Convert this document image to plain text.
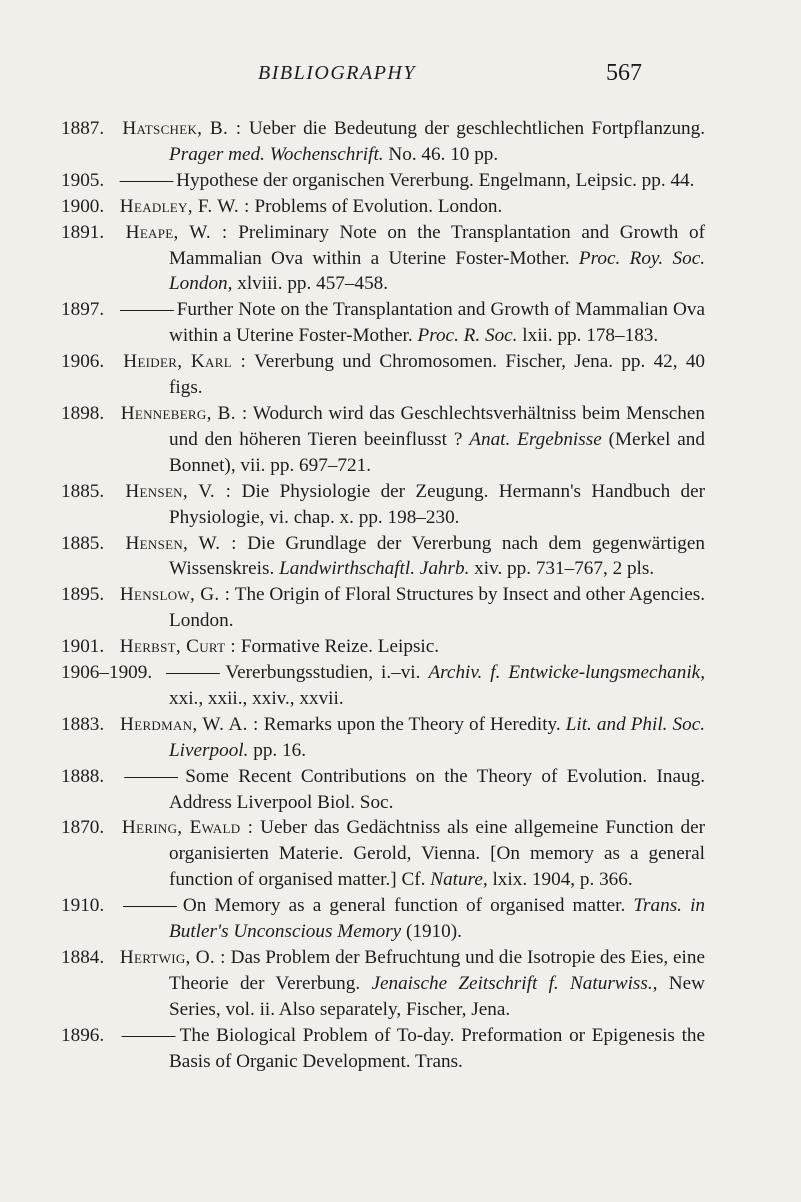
BIBLIOGRAPHY	567

1887. Hatschek, B. : Ueber die Bedeutung der geschlechtlichen Fortpflanzung. Prager med. Wochenschrift. No. 46. 10 pp.

1905. ——— Hypothese der organischen Vererbung. Engelmann, Leipsic. pp. 44.

1900. Headley, F. W. : Problems of Evolution. London.

1891. Heape, W. : Preliminary Note on the Transplantation and Growth of Mammalian Ova within a Uterine Foster-Mother. Proc. Roy. Soc. London, xlviii. pp. 457–458.

1897. ——— Further Note on the Transplantation and Growth of Mammalian Ova within a Uterine Foster-Mother. Proc. R. Soc. lxii. pp. 178–183.

1906. Heider, Karl : Vererbung und Chromosomen. Fischer, Jena. pp. 42, 40 figs.

1898. Henneberg, B. : Wodurch wird das Geschlechtsverhältniss beim Menschen und den höheren Tieren beeinflusst ? Anat. Ergebnisse (Merkel and Bonnet), vii. pp. 697–721.

1885. Hensen, V. : Die Physiologie der Zeugung. Hermann's Handbuch der Physiologie, vi. chap. x. pp. 198–230.

1885. Hensen, W. : Die Grundlage der Vererbung nach dem gegenwärtigen Wissenskreis. Landwirthschaftl. Jahrb. xiv. pp. 731–767, 2 pls.

1895. Henslow, G. : The Origin of Floral Structures by Insect and other Agencies. London.

1901. Herbst, Curt : Formative Reize. Leipsic.

1906–1909. ——— Vererbungsstudien, i.–vi. Archiv. f. Entwicke-lungsmechanik, xxi., xxii., xxiv., xxvii.

1883. Herdman, W. A. : Remarks upon the Theory of Heredity. Lit. and Phil. Soc. Liverpool. pp. 16.

1888. ——— Some Recent Contributions on the Theory of Evolution. Inaug. Address Liverpool Biol. Soc.

1870. Hering, Ewald : Ueber das Gedächtniss als eine allgemeine Function der organisierten Materie. Gerold, Vienna. [On memory as a general function of organised matter.] Cf. Nature, lxix. 1904, p. 366.

1910. ——— On Memory as a general function of organised matter. Trans. in Butler's Unconscious Memory (1910).

1884. Hertwig, O. : Das Problem der Befruchtung und die Isotropie des Eies, eine Theorie der Vererbung. Jenaische Zeitschrift f. Naturwiss., New Series, vol. ii. Also separately, Fischer, Jena.

1896. ——— The Biological Problem of To-day. Preformation or Epigenesis the Basis of Organic Development. Trans.
